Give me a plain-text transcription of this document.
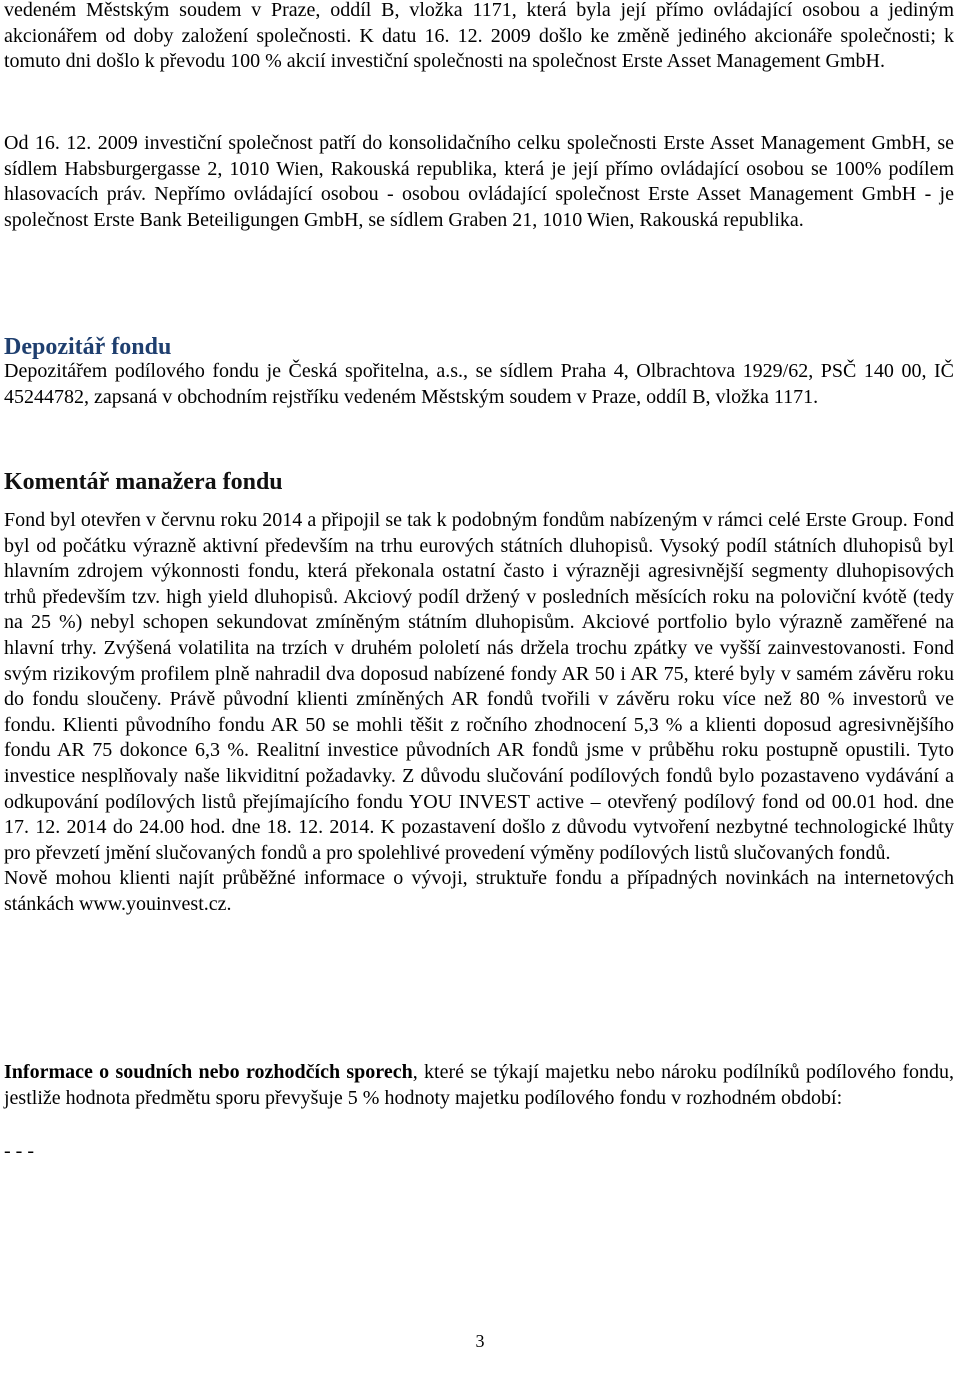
vedeném Městským soudem v Praze, oddíl B, vložka 1171, která byla její přímo ovládající osobou a jediným akcionářem od doby založení společnosti. K datu 16. 12. 2009 došlo ke změně jediného akcionáře společnosti; k tomuto dni došlo k převodu 100 % akcií investiční společnosti na společnost Erste Asset Management GmbH.

Od 16. 12. 2009 investiční společnost patří do konsolidačního celku společnosti Erste Asset Management GmbH, se sídlem Habsburgergasse 2, 1010 Wien, Rakouská republika, která je její přímo ovládající osobou se 100% podílem hlasovacích práv. Nepřímo ovládající osobou - osobou ovládající společnost Erste Asset Management GmbH - je společnost Erste Bank Beteiligungen GmbH, se sídlem Graben 21, 1010 Wien, Rakouská republika.

Depozitář fondu

Depozitářem podílového fondu je Česká spořitelna, a.s., se sídlem Praha 4, Olbrachtova 1929/62, PSČ 140 00, IČ 45244782, zapsaná v obchodním rejstříku vedeném Městským soudem v Praze, oddíl B, vložka 1171.

Komentář manažera fondu

Fond byl otevřen v červnu roku 2014 a připojil se tak k podobným fondům nabízeným v rámci celé Erste Group. Fond byl od počátku výrazně aktivní především na trhu eurových státních dluhopisů. Vysoký podíl státních dluhopisů byl hlavním zdrojem výkonnosti fondu, která překonala ostatní často i výrazněji agresivnější segmenty dluhopisových trhů především tzv. high yield dluhopisů. Akciový podíl držený v posledních měsících roku na poloviční kvótě (tedy na 25 %) nebyl schopen sekundovat zmíněným státním dluhopisům. Akciové portfolio bylo výrazně zaměřené na hlavní trhy. Zvýšená volatilita na trzích v druhém pololetí nás držela trochu zpátky ve vyšší zainvestovanosti. Fond svým rizikovým profilem plně nahradil dva doposud nabízené fondy AR 50 i AR 75, které byly v samém závěru roku do fondu sloučeny. Právě původní klienti zmíněných AR fondů tvořili v závěru roku více než 80 % investorů ve fondu. Klienti původního fondu AR 50 se mohli těšit z ročního zhodnocení 5,3 % a klienti doposud agresivnějšího fondu AR 75 dokonce 6,3 %. Realitní investice původních AR fondů jsme v průběhu roku postupně opustili. Tyto investice nesplňovaly naše likviditní požadavky. Z důvodu slučování podílových fondů bylo pozastaveno vydávání a odkupování podílových listů přejímajícího fondu YOU INVEST active – otevřený podílový fond od 00.01 hod. dne 17. 12. 2014 do 24.00 hod. dne 18. 12. 2014. K pozastavení došlo z důvodu vytvoření nezbytné technologické lhůty pro převzetí jmění slučovaných fondů a pro spolehlivé provedení výměny podílových listů slučovaných fondů.

Nově mohou klienti najít průběžné informace o vývoji, struktuře fondu a případných novinkách na internetových stánkách www.youinvest.cz.

Informace o soudních nebo rozhodčích sporech, které se týkají majetku nebo nároku podílníků podílového fondu, jestliže hodnota předmětu sporu převyšuje 5 % hodnoty majetku podílového fondu v rozhodném období:

- - -

3
